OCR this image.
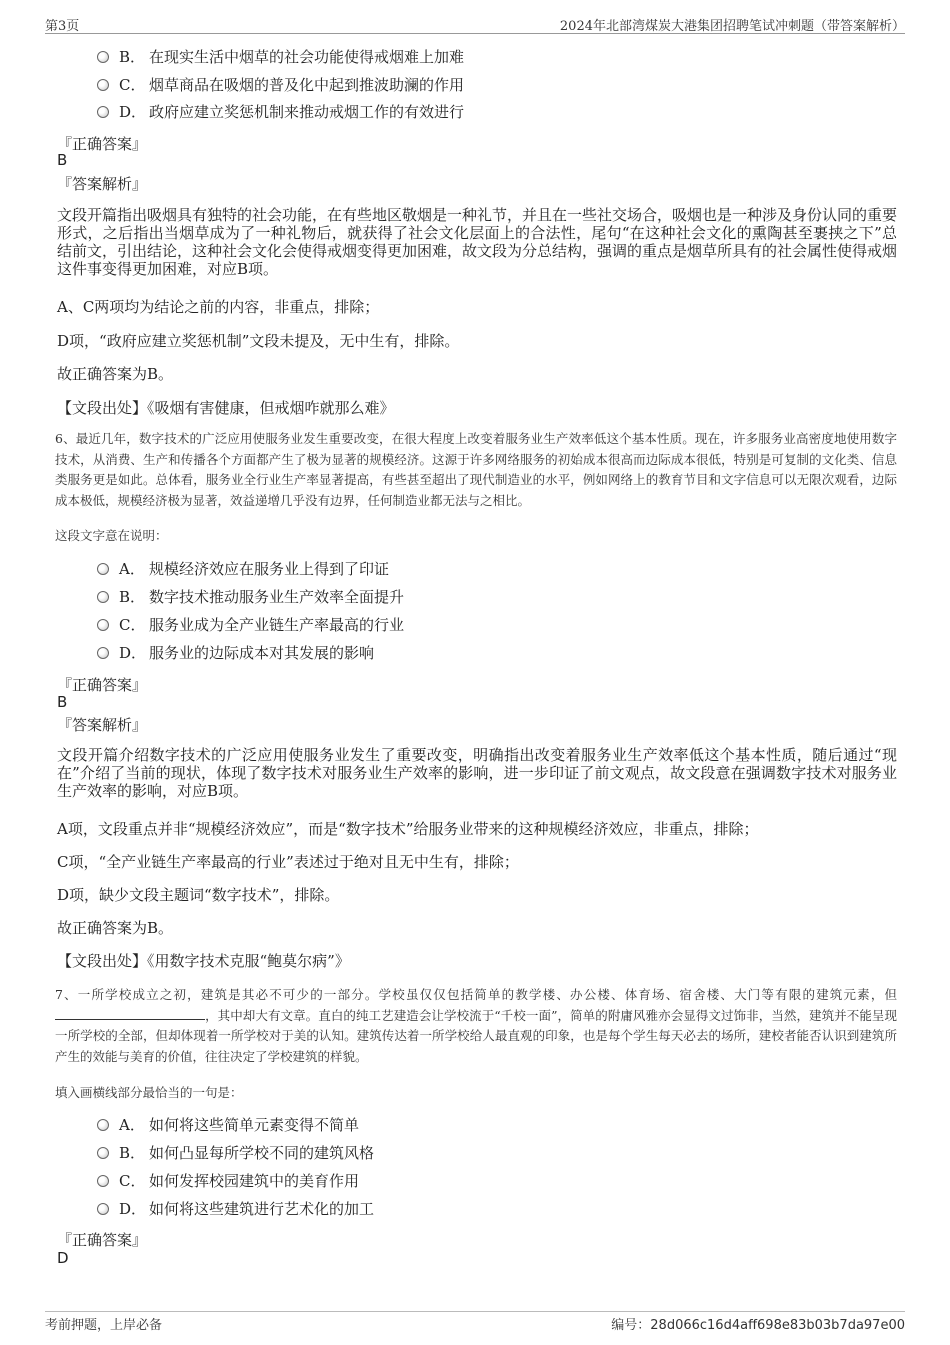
第3页	2024年北部湾煤炭大港集团招聘笔试冲刺题（带答案解析）
B． 在现实生活中烟草的社会功能使得戒烟难上加难
C． 烟草商品在吸烟的普及化中起到推波助澜的作用
D． 政府应建立奖惩机制来推动戒烟工作的有效进行
『正确答案』
B
『答案解析』
文段开篇指出吸烟具有独特的社会功能，在有些地区敬烟是一种礼节，并且在一些社交场合，吸烟也是一种涉及身份认同的重要形式，之后指出当烟草成为了一种礼物后，就获得了社会文化层面上的合法性，尾句“在这种社会文化的熏陶甚至裹挟之下”总结前文，引出结论，这种社会文化会使得戒烟变得更加困难，故文段为分总结构，强调的重点是烟草所具有的社会属性使得戒烟这件事变得更加困难，对应B项。
A、C两项均为结论之前的内容，非重点，排除；
D项，“政府应建立奖惩机制”文段未提及，无中生有，排除。
故正确答案为B。
【文段出处】《吸烟有害健康，但戒烟咋就那么难》
6、最近几年，数字技术的广泛应用使服务业发生重要改变，在很大程度上改变着服务业生产效率低这个基本性质。现在，许多服务业高密度地使用数字技术，从消费、生产和传播各个方面都产生了极为显著的规模经济。这源于许多网络服务的初始成本很高而边际成本很低，特别是可复制的文化类、信息类服务更是如此。总体看，服务业全行业生产率显著提高，有些甚至超出了现代制造业的水平，例如网络上的教育节目和文字信息可以无限次观看，边际成本极低，规模经济极为显著，效益递增几乎没有边界，任何制造业都无法与之相比。
这段文字意在说明：
A． 规模经济效应在服务业上得到了印证
B． 数字技术推动服务业生产效率全面提升
C． 服务业成为全产业链生产率最高的行业
D． 服务业的边际成本对其发展的影响
『正确答案』
B
『答案解析』
文段开篇介绍数字技术的广泛应用使服务业发生了重要改变，明确指出改变着服务业生产效率低这个基本性质，随后通过“现在”介绍了当前的现状，体现了数字技术对服务业生产效率的影响，进一步印证了前文观点，故文段意在强调数字技术对服务业生产效率的影响，对应B项。
A项，文段重点并非“规模经济效应”，而是“数字技术”给服务业带来的这种规模经济效应，非重点，排除；
C项，“全产业链生产率最高的行业”表述过于绝对且无中生有，排除；
D项，缺少文段主题词“数字技术”，排除。
故正确答案为B。
【文段出处】《用数字技术克服“鲍莫尔病”》
7、一所学校成立之初，建筑是其必不可少的一部分。学校虽仅仅包括简单的教学楼、办公楼、体育场、宿舍楼、大门等有限的建筑元素，但，其中却大有文章。直白的纯工艺建造会让学校流于“千校一面”，简单的附庸风雅亦会显得文过饰非，当然，建筑并不能呈现一所学校的全部，但却体现着一所学校对于美的认知。建筑传达着一所学校给人最直观的印象，也是每个学生每天必去的场所，建校者能否认识到建筑所产生的效能与美育的价值，往往决定了学校建筑的样貌。
填入画横线部分最恰当的一句是：
A． 如何将这些简单元素变得不简单
B． 如何凸显每所学校不同的建筑风格
C． 如何发挥校园建筑中的美育作用
D． 如何将这些建筑进行艺术化的加工
『正确答案』
D
考前押题，上岸必备	编号：28d066c16d4aff698e83b03b7da97e00
